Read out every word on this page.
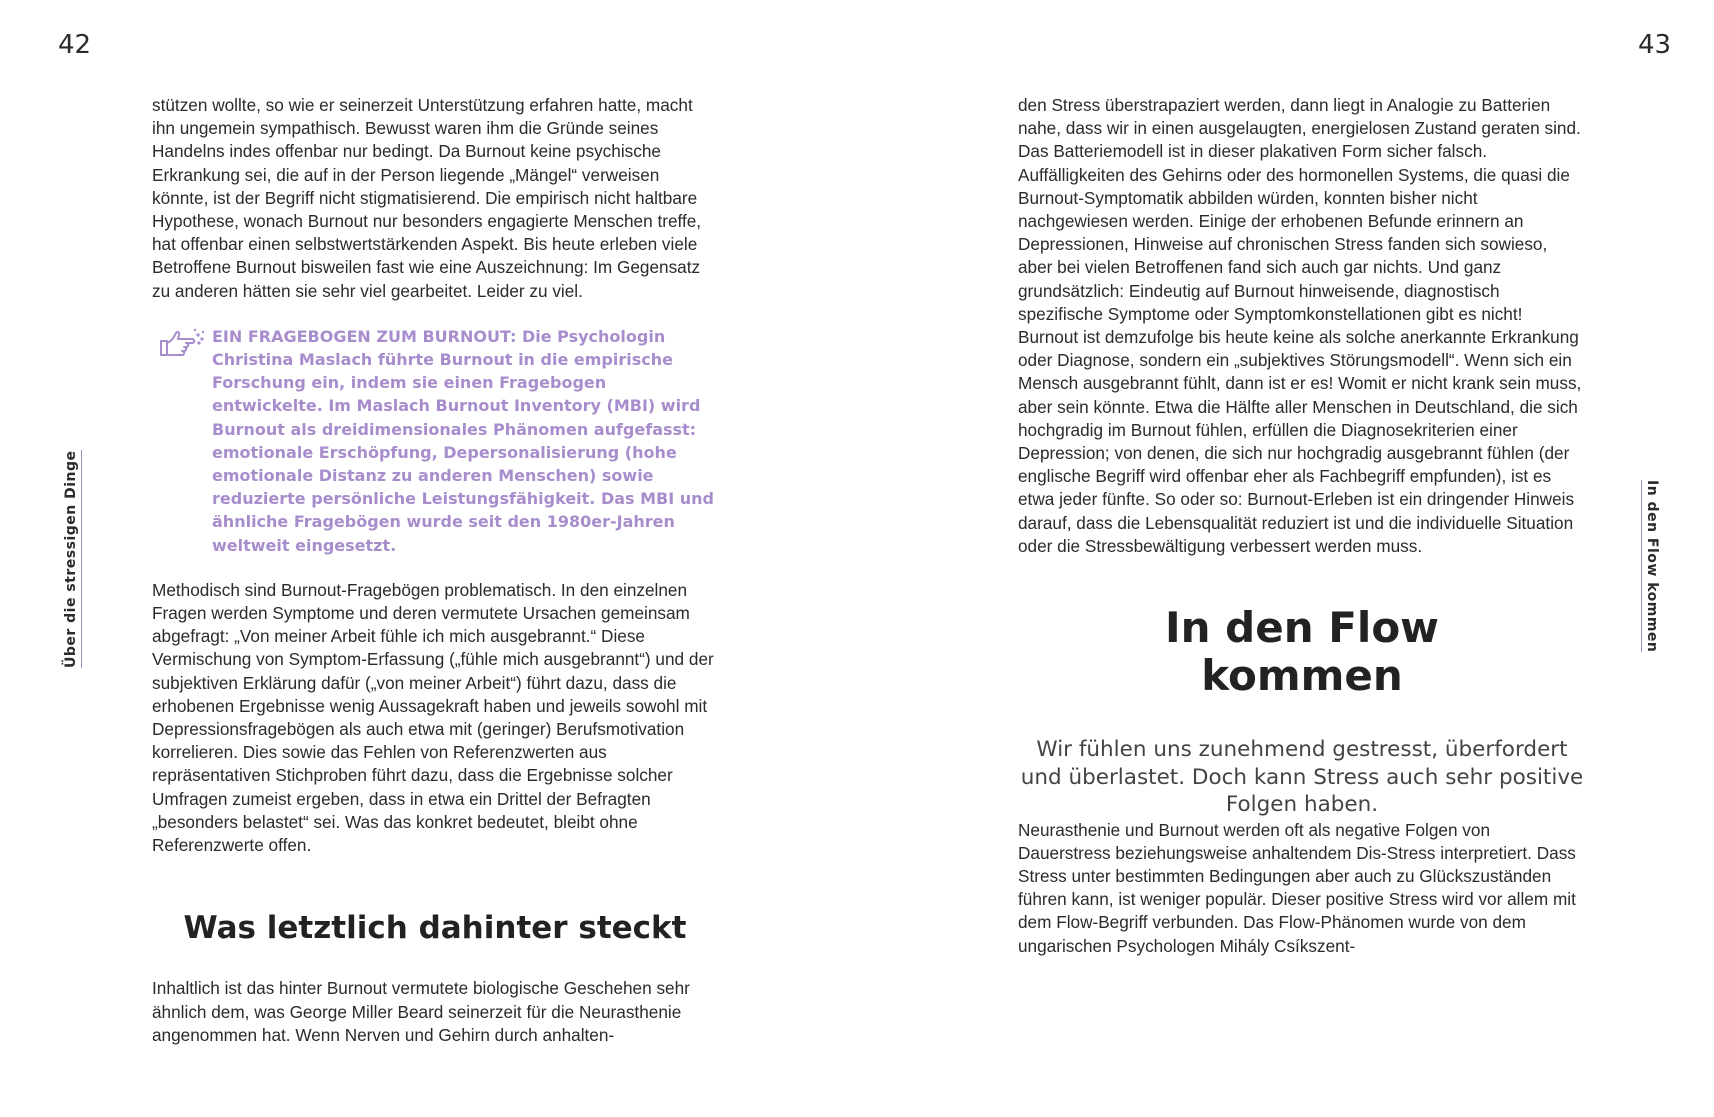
42	43
Über die stressigen Dinge	In den Flow kommen

stützen wollte, so wie er seinerzeit Unterstützung erfahren hatte, macht ihn ungemein sympathisch. Bewusst waren ihm die Gründe seines Handelns indes offenbar nur bedingt. Da Burnout keine psychische Erkrankung sei, die auf in der Person liegende „Mängel“ verweisen könnte, ist der Begriff nicht stigmatisierend. Die empirisch nicht haltbare Hypothese, wonach Burnout nur besonders engagierte Menschen treffe, hat offenbar einen selbstwertstärkenden Aspekt. Bis heute erleben viele Betroffene Burnout bisweilen fast wie eine Auszeichnung: Im Gegensatz zu anderen hätten sie sehr viel gearbeitet. Leider zu viel.

EIN FRAGEBOGEN ZUM BURNOUT: Die Psychologin Christina Maslach führte Burnout in die empirische Forschung ein, indem sie einen Fragebogen entwickelte. Im Maslach Burnout Inventory (MBI) wird Burnout als dreidimensionales Phänomen aufgefasst: emotionale Erschöpfung, Depersonalisierung (hohe emotionale Distanz zu anderen Menschen) sowie reduzierte persönliche Leistungsfähigkeit. Das MBI und ähnliche Fragebögen wurde seit den 1980er-Jahren weltweit eingesetzt.

Methodisch sind Burnout-Fragebögen problematisch. In den einzelnen Fragen werden Symptome und deren vermutete Ursachen gemeinsam abgefragt: „Von meiner Arbeit fühle ich mich ausgebrannt.“ Diese Vermischung von Symptom-Erfassung („fühle mich ausgebrannt“) und der subjektiven Erklärung dafür („von meiner Arbeit“) führt dazu, dass die erhobenen Ergebnisse wenig Aussagekraft haben und jeweils sowohl mit Depressionsfragebögen als auch etwa mit (geringer) Berufsmotivation korrelieren. Dies sowie das Fehlen von Referenzwerten aus repräsentativen Stichproben führt dazu, dass die Ergebnisse solcher Umfragen zumeist ergeben, dass in etwa ein Drittel der Befragten „besonders belastet“ sei. Was das konkret bedeutet, bleibt ohne Referenzwerte offen.

Was letztlich dahinter steckt

Inhaltlich ist das hinter Burnout vermutete biologische Geschehen sehr ähnlich dem, was George Miller Beard seinerzeit für die Neurasthenie angenommen hat. Wenn Nerven und Gehirn durch anhalten-

den Stress überstrapaziert werden, dann liegt in Analogie zu Batterien nahe, dass wir in einen ausgelaugten, energielosen Zustand geraten sind. Das Batteriemodell ist in dieser plakativen Form sicher falsch. Auffälligkeiten des Gehirns oder des hormonellen Systems, die quasi die Burnout-Symptomatik abbilden würden, konnten bisher nicht nachgewiesen werden. Einige der erhobenen Befunde erinnern an Depressionen, Hinweise auf chronischen Stress fanden sich sowieso, aber bei vielen Betroffenen fand sich auch gar nichts. Und ganz grundsätzlich: Eindeutig auf Burnout hinweisende, diagnostisch spezifische Symptome oder Symptomkonstellationen gibt es nicht! Burnout ist demzufolge bis heute keine als solche anerkannte Erkrankung oder Diagnose, sondern ein „subjektives Störungsmodell“. Wenn sich ein Mensch ausgebrannt fühlt, dann ist er es! Womit er nicht krank sein muss, aber sein könnte. Etwa die Hälfte aller Menschen in Deutschland, die sich hochgradig im Burnout fühlen, erfüllen die Diagnosekriterien einer Depression; von denen, die sich nur hochgradig ausgebrannt fühlen (der englische Begriff wird offenbar eher als Fachbegriff empfunden), ist es etwa jeder fünfte. So oder so: Burnout-Erleben ist ein dringender Hinweis darauf, dass die Lebensqualität reduziert ist und die individuelle Situation oder die Stressbewältigung verbessert werden muss.

In den Flow
kommen
Wir fühlen uns zunehmend gestresst, überfordert und überlastet. Doch kann Stress auch sehr positive Folgen haben.

Neurasthenie und Burnout werden oft als negative Folgen von Dauerstress beziehungsweise anhaltendem Dis-Stress interpretiert. Dass Stress unter bestimmten Bedingungen aber auch zu Glückszuständen führen kann, ist weniger populär. Dieser positive Stress wird vor allem mit dem Flow-Begriff verbunden. Das Flow-Phänomen wurde von dem ungarischen Psychologen Mihály Csíkszent-
